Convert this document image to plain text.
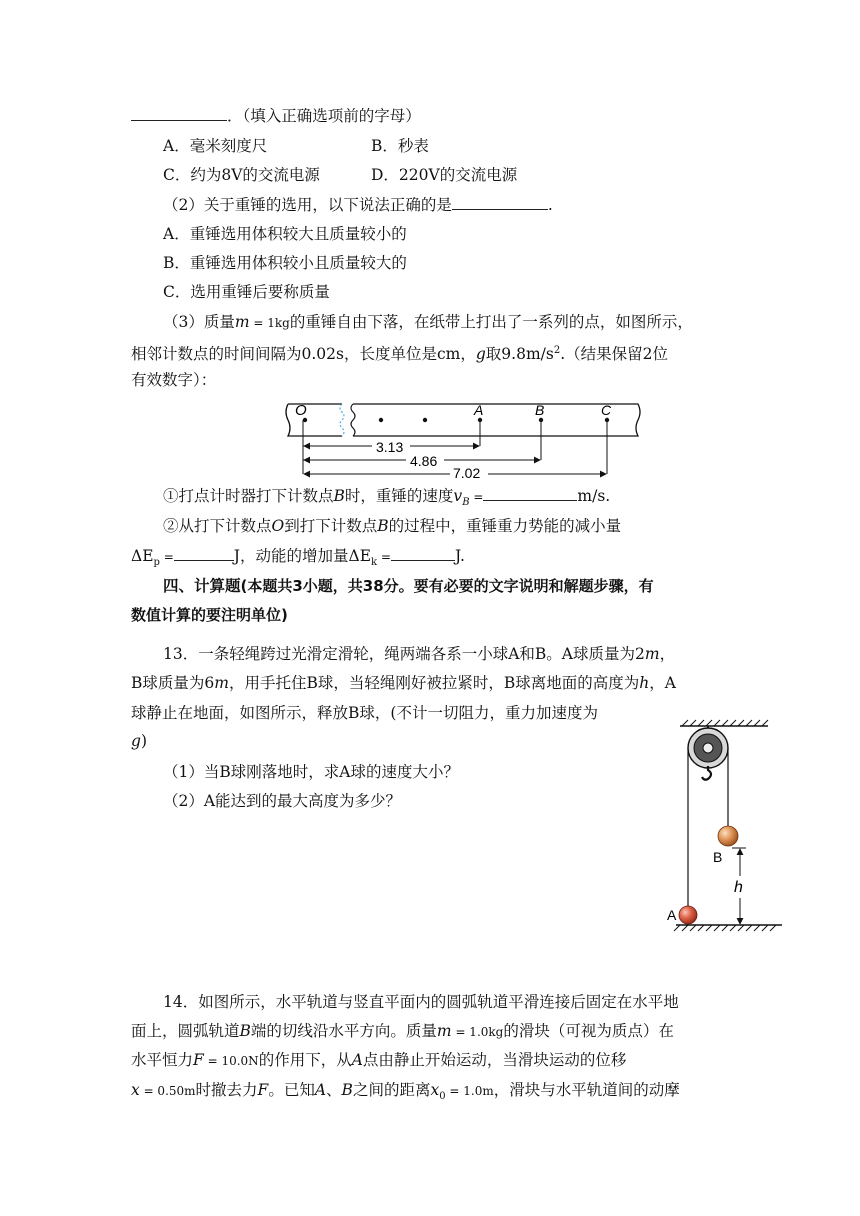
．（填入正确选项前的字母）
A．毫米刻度尺	B．秒表
C．约为8V的交流电源	D．220V的交流电源
（2）关于重锤的选用，以下说法正确的是	.
A．重锤选用体积较大且质量较小的
B．重锤选用体积较小且质量较大的
C．选用重锤后要称质量
（3）质量m = 1kg的重锤自由下落，在纸带上打出了一系列的点，如图所示，
相邻计数点的时间间隔为0.02s，长度单位是cm，g取$9.8m/s^2$.（结果保留2位
有效数字）：
O	A	B	C
3.13
4.86
7.02
①打点计时器打下计数点B时，重锤的速度$v_B$ =	m/s.
②从打下计数点O到打下计数点B的过程中，重锤重力势能的减小量
$\Delta E_p$ =	J，动能的增加量$\Delta E_k$ =	J.
四、计算题(本题共3小题，共38分。要有必要的文字说明和解题步骤，有
数值计算的要注明单位)
13．一条轻绳跨过光滑定滑轮，绳两端各系一小球A和B。A球质量为2m，
B球质量为6m，用手托住B球，当轻绳刚好被拉紧时，B球离地面的高度为h，A
球静止在地面，如图所示，释放B球，(不计一切阻力，重力加速度为
g)
（1）当B球刚落地时，求A球的速度大小？
（2）A能达到的最大高度为多少？
B
A
h
14．如图所示，水平轨道与竖直平面内的圆弧轨道平滑连接后固定在水平地
面上，圆弧轨道B端的切线沿水平方向。质量m = 1.0kg的滑块（可视为质点）在
水平恒力F = 10.0N的作用下，从A点由静止开始运动，当滑块运动的位移
x = 0.50m时撤去力F。已知A、B之间的距离$x_0 = 1.0m$，滑块与水平轨道间的动摩
